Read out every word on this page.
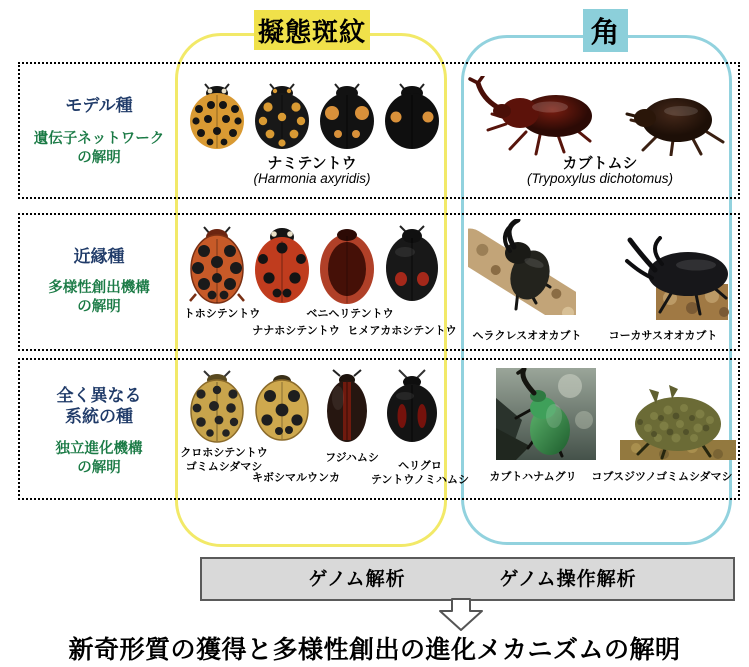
擬態斑紋	角
モデル種
遺伝子ネットワーク
の解明	ナミテントウ
(Harmonia axyridis)
カブトムシ
(Trypoxylus dichotomus)
近縁種
多様性創出機構
の解明	トホシテントウ
ナナホシテントウ
ベニヘリテントウ
ヒメアカホシテントウ ヘラクレスオオカブト コーカサスオオカブト
全く異なる
系統の種
独立進化機構
の解明
クロホシテントウ
ゴミムシダマシ
キボシマルウンカ
フジハムシ
ヘリグロ
テントウノミハムシ カブトハナムグリ コブスジツノゴミムシダマシ
ゲノム解析	ゲノム操作解析
新奇形質の獲得と多様性創出の進化メカニズムの解明
